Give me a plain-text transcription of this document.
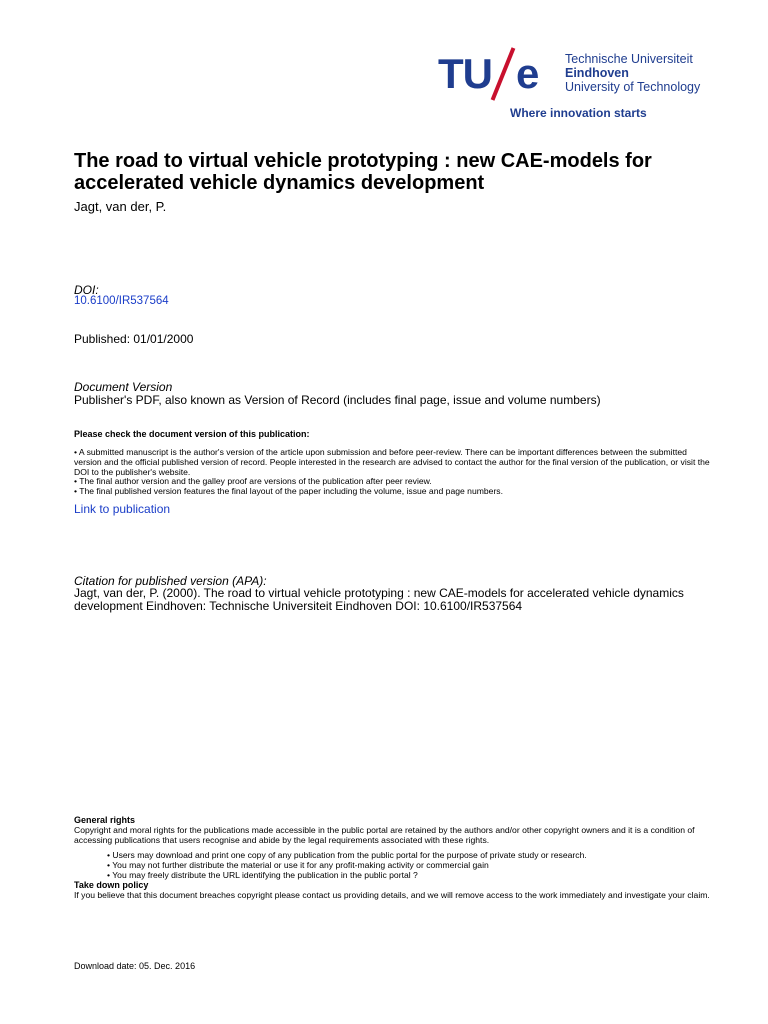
TU e Technische Universiteit
Eindhoven
University of Technology
Where innovation starts
The road to virtual vehicle prototyping : new CAE-models for accelerated vehicle dynamics development
Jagt, van der, P.
DOI:
10.6100/IR537564
Published: 01/01/2000
Document Version
Publisher's PDF, also known as Version of Record (includes final page, issue and volume numbers)
Please check the document version of this publication:

• A submitted manuscript is the author's version of the article upon submission and before peer-review. There can be important differences between the submitted version and the official published version of record. People interested in the research are advised to contact the author for the final version of the publication, or visit the DOI to the publisher's website.

• The final author version and the galley proof are versions of the publication after peer review.

• The final published version features the final layout of the paper including the volume, issue and page numbers.

Link to publication
Citation for published version (APA):
Jagt, van der, P. (2000). The road to virtual vehicle prototyping : new CAE-models for accelerated vehicle dynamics development Eindhoven: Technische Universiteit Eindhoven DOI: 10.6100/IR537564

General rights

Copyright and moral rights for the publications made accessible in the public portal are retained by the authors and/or other copyright owners and it is a condition of accessing publications that users recognise and abide by the legal requirements associated with these rights.

• Users may download and print one copy of any publication from the public portal for the purpose of private study or research.

• You may not further distribute the material or use it for any profit-making activity or commercial gain

• You may freely distribute the URL identifying the publication in the public portal ?

Take down policy

If you believe that this document breaches copyright please contact us providing details, and we will remove access to the work immediately and investigate your claim.

Download date: 05. Dec. 2016
